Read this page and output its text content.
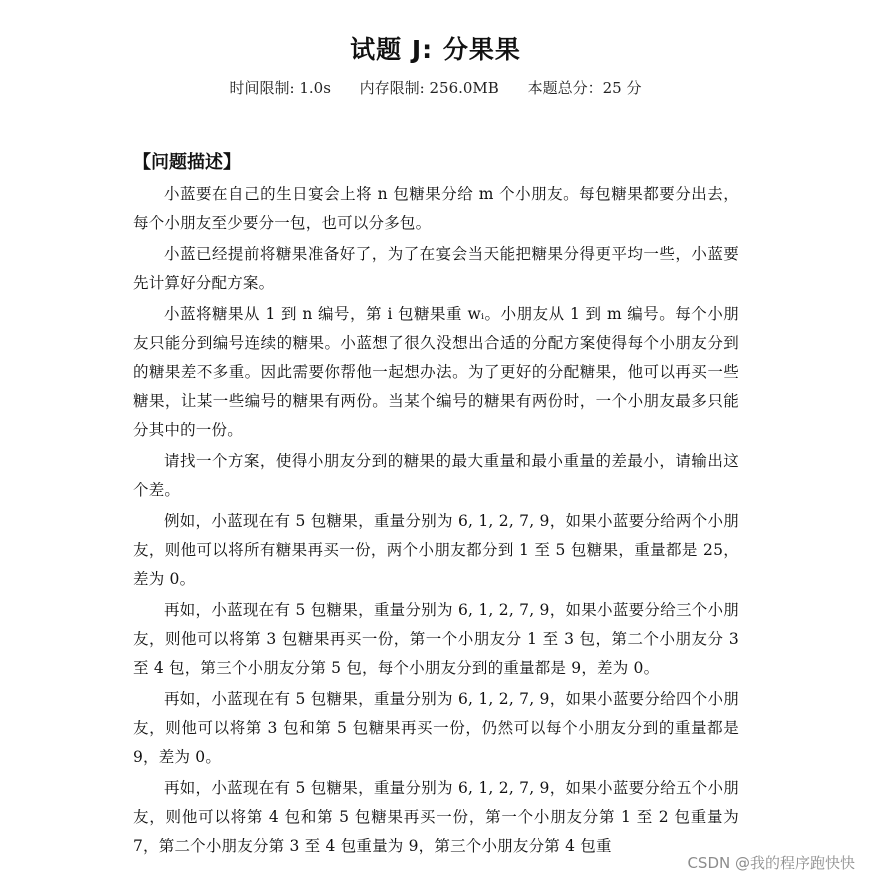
试题 J: 分果果
时间限制: 1.0s 内存限制: 256.0MB 本题总分：25 分
【问题描述】

小蓝要在自己的生日宴会上将 n 包糖果分给 m 个小朋友。每包糖果都要分出去，每个小朋友至少要分一包，也可以分多包。

小蓝已经提前将糖果准备好了，为了在宴会当天能把糖果分得更平均一些，小蓝要先计算好分配方案。

小蓝将糖果从 1 到 n 编号，第 i 包糖果重 wᵢ。小朋友从 1 到 m 编号。每个小朋友只能分到编号连续的糖果。小蓝想了很久没想出合适的分配方案使得每个小朋友分到的糖果差不多重。因此需要你帮他一起想办法。为了更好的分配糖果，他可以再买一些糖果，让某一些编号的糖果有两份。当某个编号的糖果有两份时，一个小朋友最多只能分其中的一份。

请找一个方案，使得小朋友分到的糖果的最大重量和最小重量的差最小，请输出这个差。

例如，小蓝现在有 5 包糖果，重量分别为 6, 1, 2, 7, 9，如果小蓝要分给两个小朋友，则他可以将所有糖果再买一份，两个小朋友都分到 1 至 5 包糖果，重量都是 25，差为 0。

再如，小蓝现在有 5 包糖果，重量分别为 6, 1, 2, 7, 9，如果小蓝要分给三个小朋友，则他可以将第 3 包糖果再买一份，第一个小朋友分 1 至 3 包，第二个小朋友分 3 至 4 包，第三个小朋友分第 5 包，每个小朋友分到的重量都是 9，差为 0。

再如，小蓝现在有 5 包糖果，重量分别为 6, 1, 2, 7, 9，如果小蓝要分给四个小朋友，则他可以将第 3 包和第 5 包糖果再买一份，仍然可以每个小朋友分到的重量都是 9，差为 0。

再如，小蓝现在有 5 包糖果，重量分别为 6, 1, 2, 7, 9，如果小蓝要分给五个小朋友，则他可以将第 4 包和第 5 包糖果再买一份，第一个小朋友分第 1 至 2 包重量为 7，第二个小朋友分第 3 至 4 包重量为 9，第三个小朋友分第 4 包重

CSDN @我的程序跑快快
